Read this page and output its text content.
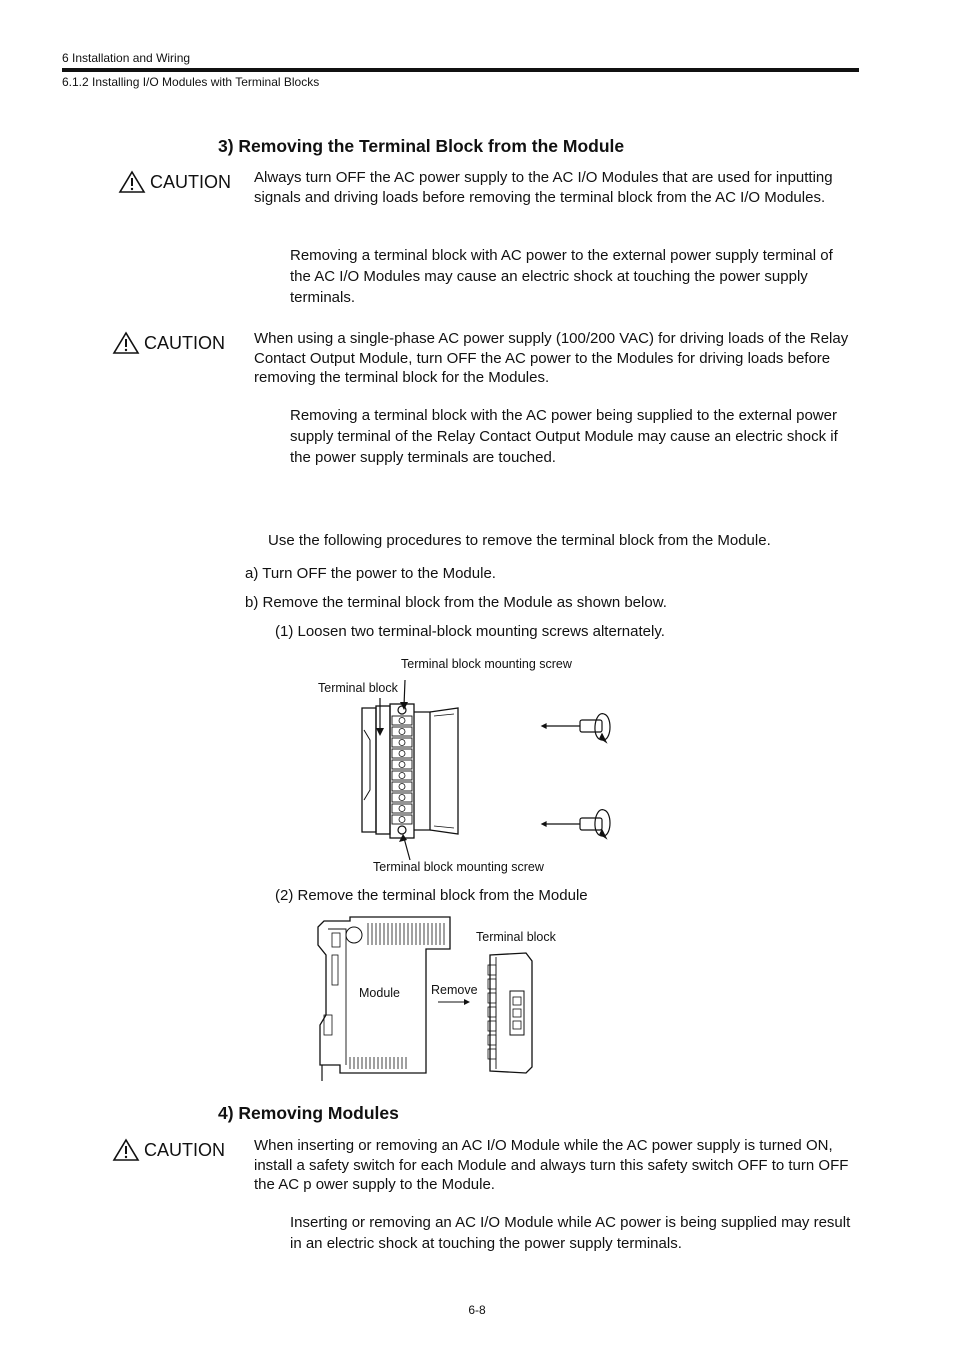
6 Installation and Wiring
6.1.2 Installing I/O Modules with Terminal Blocks
3) Removing the Terminal Block from the Module
CAUTION Always turn OFF the AC power supply to the AC I/O Modules that are used for inputting signals and driving loads before removing the terminal block from the AC I/O Modules.
Removing a terminal block with AC power to the external power supply terminal of the AC I/O Modules may cause an electric shock at touching the power supply terminals.
CAUTION When using a single-phase AC power supply (100/200 VAC) for driving loads of the Relay Contact Output Module, turn OFF the AC power to the Modules for driving loads before removing the terminal block for the Modules.
Removing a terminal block with the AC power being supplied to the external power supply terminal of the Relay Contact Output Module may cause an electric shock if the power supply terminals are touched.
Use the following procedures to remove the terminal block from the Module.
a) Turn OFF the power to the Module.
b) Remove the terminal block from the Module as shown below.
(1) Loosen two terminal-block mounting screws alternately.
Terminal block mounting screw
Terminal block
Terminal block mounting screw
(2) Remove the terminal block from the Module
Terminal block
Module Remove
4) Removing Modules
CAUTION When inserting or removing an AC I/O Module while the AC power supply is turned ON, install a safety switch for each Module and always turn this safety switch OFF to turn OFF the AC p ower supply to the Module.
Inserting or removing an AC I/O Module while AC power is being supplied may result in an electric shock at touching the power supply terminals.
6-8
